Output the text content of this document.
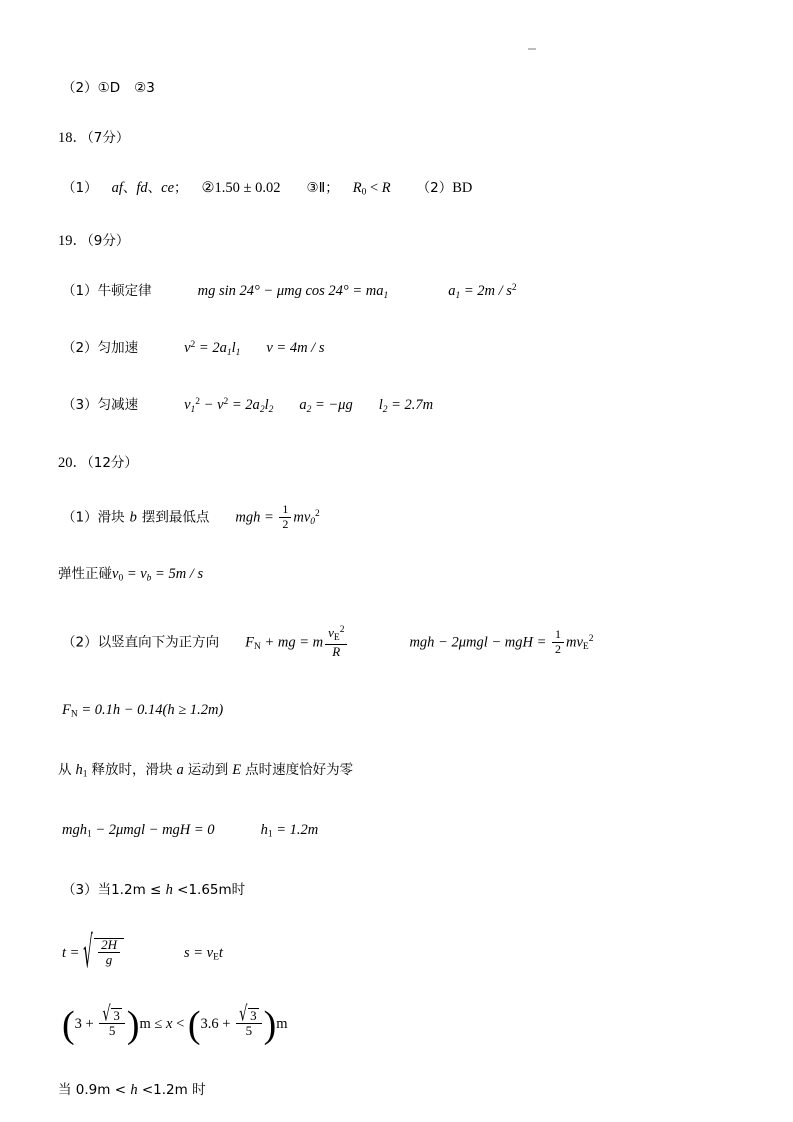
（2）①D ②3
18．（7分）
（1） af、fd、ce； ②1.50 ± 0.02 ③Ⅱ； R0 < R （2）BD
19．（9分）
（1）牛顿定律	mg sin 24° − μmg $\cos 24^\circ = ma_1$	$a_1 = 2m / s^2$
（2）匀加速	$v^2 = 2a_1l_1$ v = 4m / s
（3）匀减速	$v_1^2 - v^2 = 2a_2l_2$ $a_2 = -\mu g$ $l_2 = 2.7m$
20．（12分）
（1）滑块 b 摆到最低点 mgh = $\frac{1}{2} mv_0^2$
弹性正碰$v0 = v_b = 5m / s$
（2）以竖直向下为正方向 FN + mg = m $\frac{v_E^2}{R}$	mgh − 2μmgl − mgH = $\frac{1}{2} mvE^2$
FN = 0.1h − 0.14(h ≥ 1.2m)
从 h1 释放时，滑块 a 运动到 E 点时速度恰好为零
mgh1 − 2μmgl − mgH = 0	h1 = 1.2m
（3）当1.2m ≤ h <1.65m时
t = √ $\frac{2H}{g}$	s = vEt
(3 + √ $\frac{3}{5} )m \le x < (3.6$ + √ $\frac{3}{5} )m$
当 0.9m < h <1.2m 时
